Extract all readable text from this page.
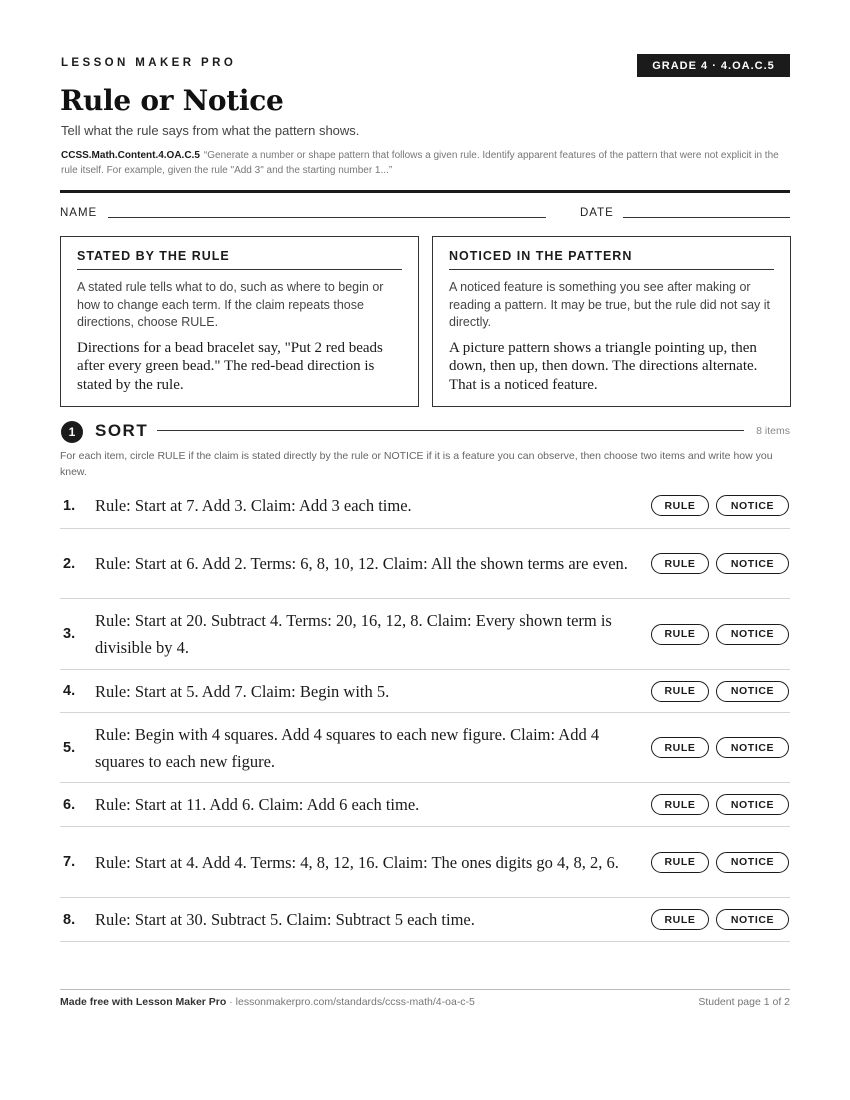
LESSON MAKER PRO	GRADE 4 · 4.OA.C.5
Rule or Notice
Tell what the rule says from what the pattern shows.
CCSS.Math.Content.4.OA.C.5 “Generate a number or shape pattern that follows a given rule. Identify apparent features of the pattern that were not explicit in the rule itself. For example, given the rule "Add 3" and the starting number 1...”
NAME	DATE
STATED BY THE RULE

A stated rule tells what to do, such as where to begin or how to change each term. If the claim repeats those directions, choose RULE.

Directions for a bead bracelet say, "Put 2 red beads after every green bead." The red-bead direction is stated by the rule.

NOTICED IN THE PATTERN

A noticed feature is something you see after making or reading a pattern. It may be true, but the rule did not say it directly.

A picture pattern shows a triangle pointing up, then down, then up, then down. The directions alternate. That is a noticed feature.

1	SORT	8 items
For each item, circle RULE if the claim is stated directly by the rule or NOTICE if it is a feature you can observe, then choose two items and write how you knew.
1. Rule: Start at 7. Add 3. Claim: Add 3 each time.	RULE	NOTICE
2. Rule: Start at 6. Add 2. Terms: 6, 8, 10, 12. Claim: All the shown terms are even.	RULE	NOTICE
3.
Rule: Start at 20. Subtract 4. Terms: 20, 16, 12, 8. Claim: Every shown term is divisible by 4.
RULE	NOTICE
4. Rule: Start at 5. Add 7. Claim: Begin with 5.	RULE	NOTICE
5.
Rule: Begin with 4 squares. Add 4 squares to each new figure. Claim: Add 4 squares to each new figure.
RULE	NOTICE
6. Rule: Start at 11. Add 6. Claim: Add 6 each time.	RULE	NOTICE
7. Rule: Start at 4. Add 4. Terms: 4, 8, 12, 16. Claim: The ones digits go 4, 8, 2, 6.	RULE	NOTICE
8. Rule: Start at 30. Subtract 5. Claim: Subtract 5 each time.	RULE	NOTICE
Made free with Lesson Maker Pro · lessonmakerpro.com/standards/ccss-math/4-oa-c-5	Student page 1 of 2
